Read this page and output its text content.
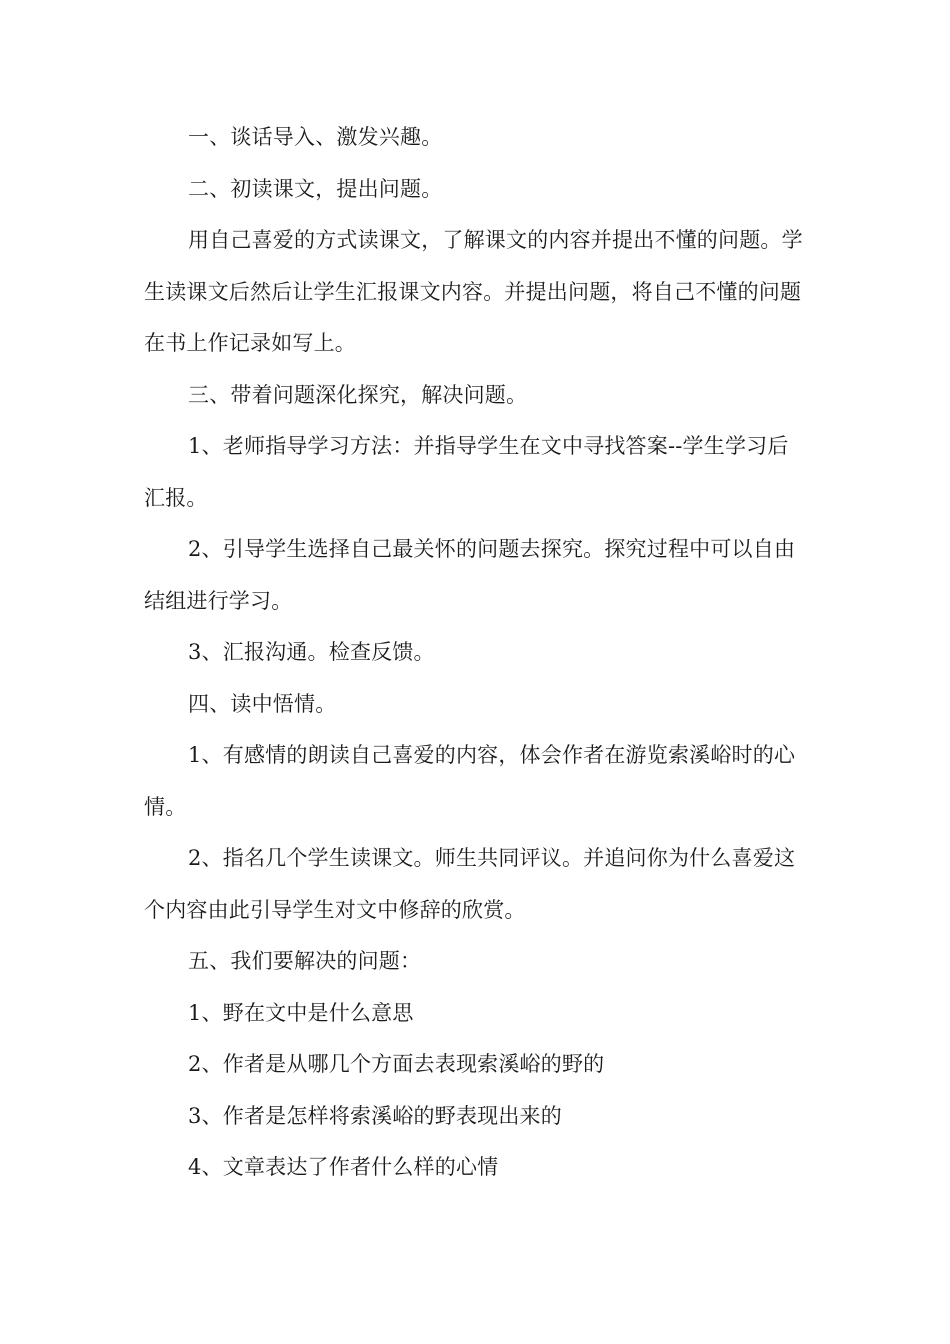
一、谈话导入、激发兴趣。

二、初读课文，提出问题。

用自己喜爱的方式读课文，了解课文的内容并提出不懂的问题。学生读课文后然后让学生汇报课文内容。并提出问题，将自己不懂的问题在书上作记录如写上。

三、带着问题深化探究，解决问题。

1、老师指导学习方法：并指导学生在文中寻找答案--学生学习后汇报。

2、引导学生选择自己最关怀的问题去探究。探究过程中可以自由结组进行学习。

3、汇报沟通。检查反馈。

四、读中悟情。

1、有感情的朗读自己喜爱的内容，体会作者在游览索溪峪时的心情。

2、指名几个学生读课文。师生共同评议。并追问你为什么喜爱这个内容由此引导学生对文中修辞的欣赏。

五、我们要解决的问题：

1、野在文中是什么意思

2、作者是从哪几个方面去表现索溪峪的野的

3、作者是怎样将索溪峪的野表现出来的

4、文章表达了作者什么样的心情
